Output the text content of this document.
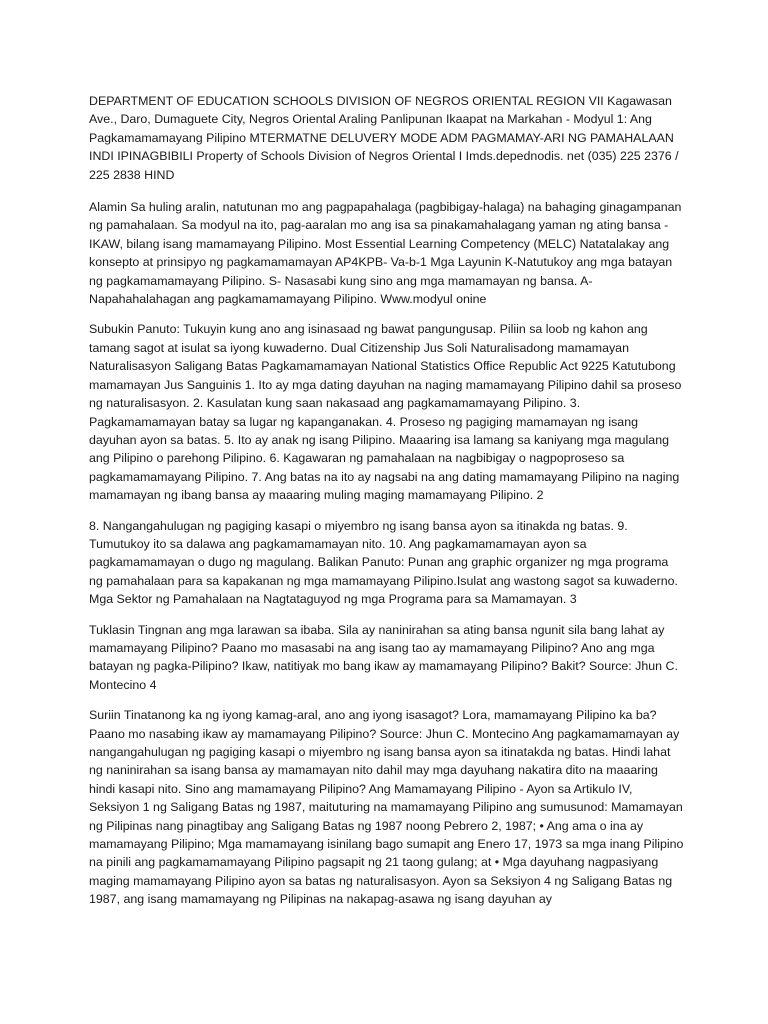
DEPARTMENT OF EDUCATION SCHOOLS DIVISION OF NEGROS ORIENTAL REGION VII Kagawasan Ave., Daro, Dumaguete City, Negros Oriental Araling Panlipunan Ikaapat na Markahan - Modyul 1: Ang Pagkamamamayang Pilipino MTERMATNE DELUVERY MODE ADM PAGMAMAY-ARI NG PAMAHALAAN INDI IPINAGBIBILI Property of Schools Division of Negros Oriental I Imds.depednodis. net (035) 225 2376 / 225 2838 HIND

Alamin Sa huling aralin, natutunan mo ang pagpapahalaga (pagbibigay-halaga) na bahaging ginagampanan ng pamahalaan. Sa modyul na ito, pag-aaralan mo ang isa sa pinakamahalagang yaman ng ating bansa - IKAW, bilang isang mamamayang Pilipino. Most Essential Learning Competency (MELC) Natatalakay ang konsepto at prinsipyo ng pagkamamamayan AP4KPB- Va-b-1 Mga Layunin K-Natutukoy ang mga batayan ng pagkamamamayang Pilipino. S- Nasasabi kung sino ang mga mamamayan ng bansa. A- Napahahalahagan ang pagkamamamayang Pilipino. Www.modyul onine

Subukin Panuto: Tukuyin kung ano ang isinasaad ng bawat pangungusap. Piliin sa loob ng kahon ang tamang sagot at isulat sa iyong kuwaderno. Dual Citizenship Jus Soli Naturalisadong mamamayan Naturalisasyon Saligang Batas Pagkamamamayan National Statistics Office Republic Act 9225 Katutubong mamamayan Jus Sanguinis 1. Ito ay mga dating dayuhan na naging mamamayang Pilipino dahil sa proseso ng naturalisasyon. 2. Kasulatan kung saan nakasaad ang pagkamamamayang Pilipino. 3. Pagkamamamayan batay sa lugar ng kapanganakan. 4. Proseso ng pagiging mamamayan ng isang dayuhan ayon sa batas. 5. Ito ay anak ng isang Pilipino. Maaaring isa lamang sa kaniyang mga magulang ang Pilipino o parehong Pilipino. 6. Kagawaran ng pamahalaan na nagbibigay o nagpoproseso sa pagkamamamayang Pilipino. 7. Ang batas na ito ay nagsabi na ang dating mamamayang Pilipino na naging mamamayan ng ibang bansa ay maaaring muling maging mamamayang Pilipino. 2

8. Nangangahulugan ng pagiging kasapi o miyembro ng isang bansa ayon sa itinakda ng batas. 9. Tumutukoy ito sa dalawa ang pagkamamamayan nito. 10. Ang pagkamamamayan ayon sa pagkamamamayan o dugo ng magulang. Balikan Panuto: Punan ang graphic organizer ng mga programa ng pamahalaan para sa kapakanan ng mga mamamayang Pilipino.Isulat ang wastong sagot sa kuwaderno. Mga Sektor ng Pamahalaan na Nagtataguyod ng mga Programa para sa Mamamayan. 3

Tuklasin Tingnan ang mga larawan sa ibaba. Sila ay naninirahan sa ating bansa ngunit sila bang lahat ay mamamayang Pilipino? Paano mo masasabi na ang isang tao ay mamamayang Pilipino? Ano ang mga batayan ng pagka-Pilipino? Ikaw, natitiyak mo bang ikaw ay mamamayang Pilipino? Bakit? Source: Jhun C. Montecino 4

Suriin Tinatanong ka ng iyong kamag-aral, ano ang iyong isasagot? Lora, mamamayang Pilipino ka ba? Paano mo nasabing ikaw ay mamamayang Pilipino? Source: Jhun C. Montecino Ang pagkamamamayan ay nangangahulugan ng pagiging kasapi o miyembro ng isang bansa ayon sa itinatakda ng batas. Hindi lahat ng naninirahan sa isang bansa ay mamamayan nito dahil may mga dayuhang nakatira dito na maaaring hindi kasapi nito. Sino ang mamamayang Pilipino? Ang Mamamayang Pilipino - Ayon sa Artikulo IV, Seksiyon 1 ng Saligang Batas ng 1987, maituturing na mamamayang Pilipino ang sumusunod: Mamamayan ng Pilipinas nang pinagtibay ang Saligang Batas ng 1987 noong Pebrero 2, 1987; • Ang ama o ina ay mamamayang Pilipino; Mga mamamayang isinilang bago sumapit ang Enero 17, 1973 sa mga inang Pilipino na pinili ang pagkamamamayang Pilipino pagsapit ng 21 taong gulang; at • Mga dayuhang nagpasiyang maging mamamayang Pilipino ayon sa batas ng naturalisasyon. Ayon sa Seksiyon 4 ng Saligang Batas ng 1987, ang isang mamamayang ng Pilipinas na nakapag-asawa ng isang dayuhan ay
